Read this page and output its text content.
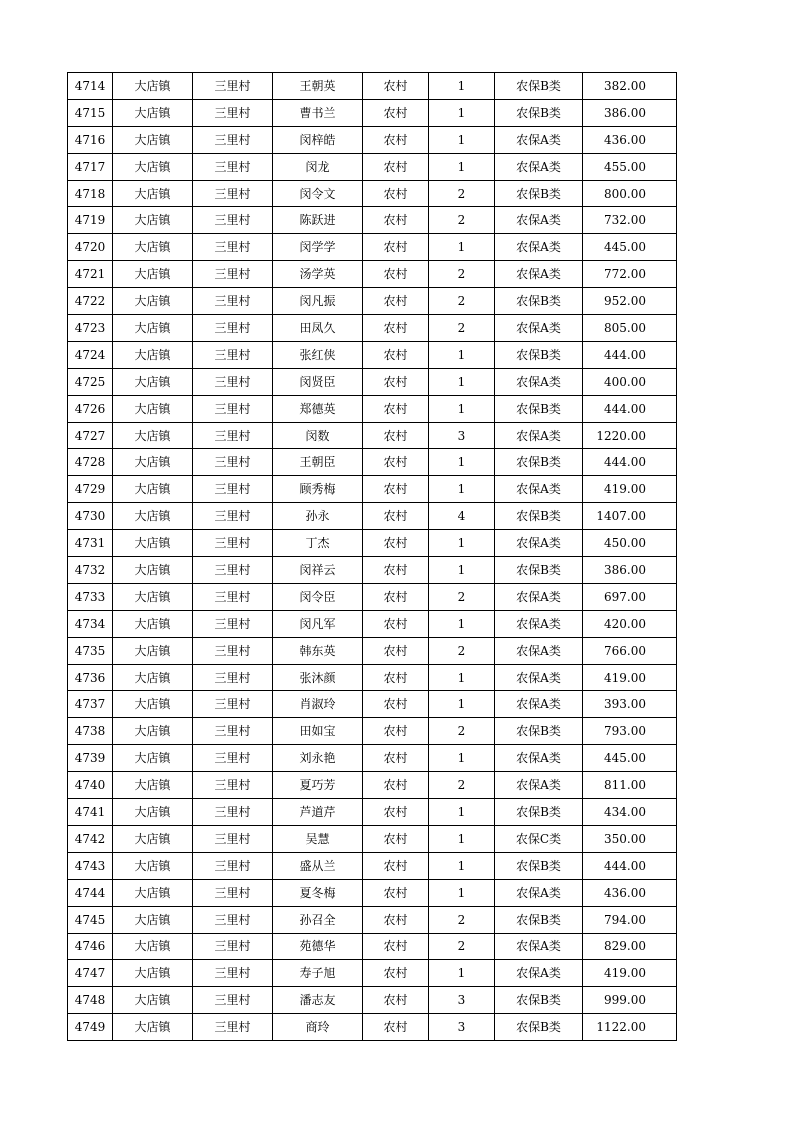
4714	大店镇	三里村	王朝英	农村	1	农保B类	382.00
4715	大店镇	三里村	曹书兰	农村	1	农保B类	386.00
4716	大店镇	三里村	闵梓皓	农村	1	农保A类	436.00
4717	大店镇	三里村	闵龙	农村	1	农保A类	455.00
4718	大店镇	三里村	闵令文	农村	2	农保B类	800.00
4719	大店镇	三里村	陈跃进	农村	2	农保A类	732.00
4720	大店镇	三里村	闵学学	农村	1	农保A类	445.00
4721	大店镇	三里村	汤学英	农村	2	农保A类	772.00
4722	大店镇	三里村	闵凡振	农村	2	农保B类	952.00
4723	大店镇	三里村	田凤久	农村	2	农保A类	805.00
4724	大店镇	三里村	张红侠	农村	1	农保B类	444.00
4725	大店镇	三里村	闵贤臣	农村	1	农保A类	400.00
4726	大店镇	三里村	郑德英	农村	1	农保B类	444.00
4727	大店镇	三里村	闵数	农村	3	农保A类	1220.00
4728	大店镇	三里村	王朝臣	农村	1	农保B类	444.00
4729	大店镇	三里村	顾秀梅	农村	1	农保A类	419.00
4730	大店镇	三里村	孙永	农村	4	农保B类	1407.00
4731	大店镇	三里村	丁杰	农村	1	农保A类	450.00
4732	大店镇	三里村	闵祥云	农村	1	农保B类	386.00
4733	大店镇	三里村	闵令臣	农村	2	农保A类	697.00
4734	大店镇	三里村	闵凡军	农村	1	农保A类	420.00
4735	大店镇	三里村	韩东英	农村	2	农保A类	766.00
4736	大店镇	三里村	张沐颜	农村	1	农保A类	419.00
4737	大店镇	三里村	肖淑玲	农村	1	农保A类	393.00
4738	大店镇	三里村	田如宝	农村	2	农保B类	793.00
4739	大店镇	三里村	刘永艳	农村	1	农保A类	445.00
4740	大店镇	三里村	夏巧芳	农村	2	农保A类	811.00
4741	大店镇	三里村	芦道芹	农村	1	农保B类	434.00
4742	大店镇	三里村	吴慧	农村	1	农保C类	350.00
4743	大店镇	三里村	盛从兰	农村	1	农保B类	444.00
4744	大店镇	三里村	夏冬梅	农村	1	农保A类	436.00
4745	大店镇	三里村	孙召全	农村	2	农保B类	794.00
4746	大店镇	三里村	苑德华	农村	2	农保A类	829.00
4747	大店镇	三里村	寿子旭	农村	1	农保A类	419.00
4748	大店镇	三里村	潘志友	农村	3	农保B类	999.00
4749	大店镇	三里村	商玲	农村	3	农保B类	1122.00
